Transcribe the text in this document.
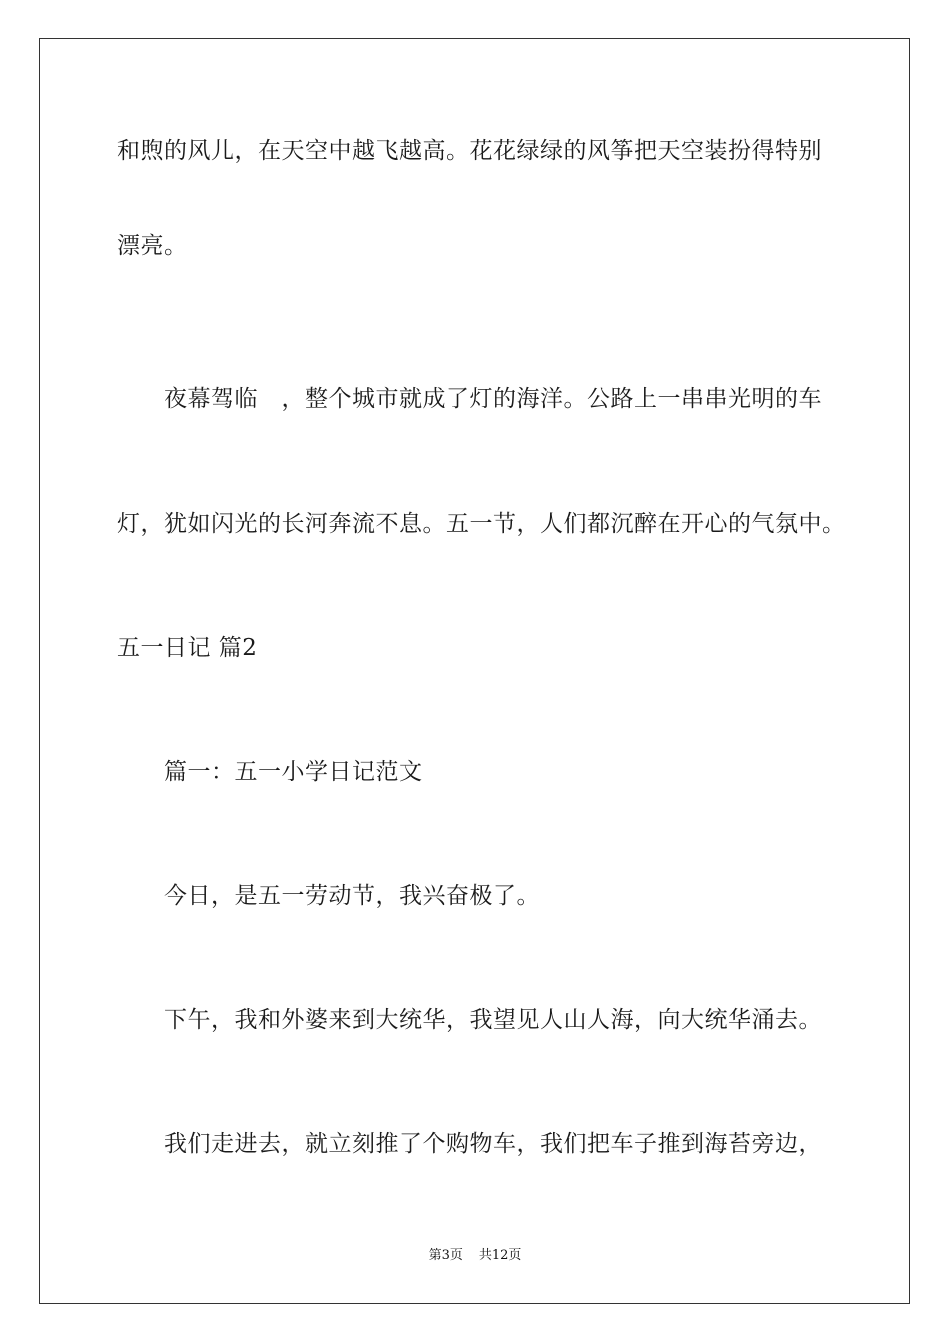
和煦的风儿，在天空中越飞越高。花花绿绿的风筝把天空装扮得特别
漂亮。
夜幕驾临　，整个城市就成了灯的海洋。公路上一串串光明的车
灯，犹如闪光的长河奔流不息。五一节，人们都沉醉在开心的气氛中。
五一日记 篇2
篇一：五一小学日记范文
今日，是五一劳动节，我兴奋极了。
下午，我和外婆来到大统华，我望见人山人海，向大统华涌去。
我们走进去，就立刻推了个购物车，我们把车子推到海苔旁边，
第3页 共12页
